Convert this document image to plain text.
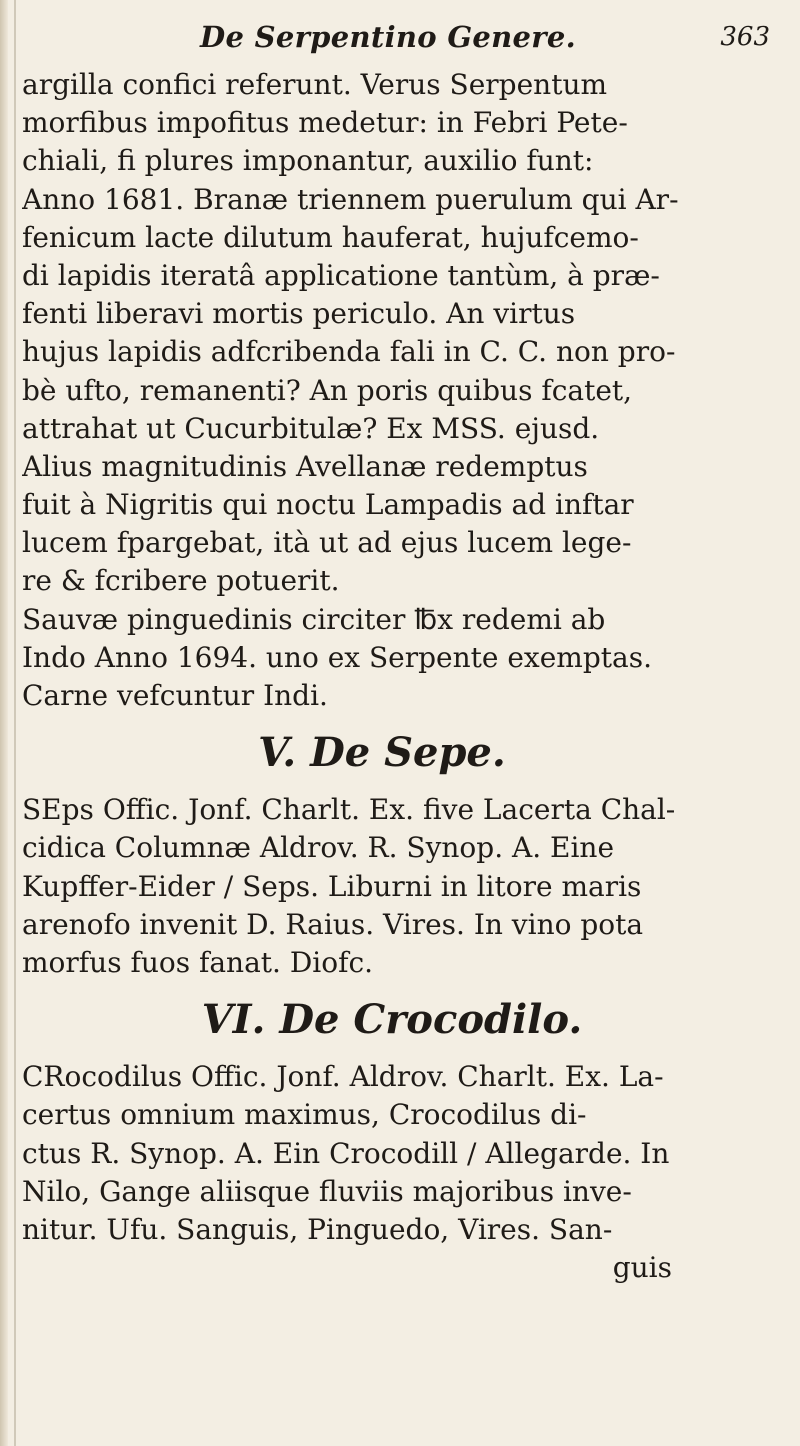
De Serpentino Genere.	363
argilla confici referunt. Verus Serpentum
morfibus impofitus medetur: in Febri Pete-
chiali, fi plures imponantur, auxilio funt:
Anno 1681. Branæ triennem puerulum qui Ar-
fenicum lacte dilutum hauferat, hujufcemo-
di lapidis iteratâ applicatione tantùm, à præ-
fenti liberavi mortis periculo. An virtus
hujus lapidis adfcribenda fali in C. C. non pro-
bè ufto, remanenti? An poris quibus fcatet,
attrahat ut Cucurbitulæ? Ex MSS. ejusd.
Alius magnitudinis Avellanæ redemptus
fuit à Nigritis qui noctu Lampadis ad inftar
lucem fpargebat, ità ut ad ejus lucem lege-
re & fcribere potuerit.
Sauvæ pinguedinis circiter ℔x redemi ab
Indo Anno 1694. uno ex Serpente exemptas.
Carne vefcuntur Indi.
V. De Sepe.
SEps Offic. Jonf. Charlt. Ex. five Lacerta Chal-
cidica Columnæ Aldrov. R. Synop. A. Eine
Kupffer-Eider / Seps. Liburni in litore maris
arenofo invenit D. Raius. Vires. In vino pota
morfus fuos fanat. Diofc.
VI. De Crocodilo.
CRocodilus Offic. Jonf. Aldrov. Charlt. Ex. La-
certus omnium maximus, Crocodilus di-
ctus R. Synop. A. Ein Crocodill / Allegarde. In
Nilo, Gange aliisque fluviis majoribus inve-
nitur. Ufu. Sanguis, Pinguedo, Vires. San-
guis
